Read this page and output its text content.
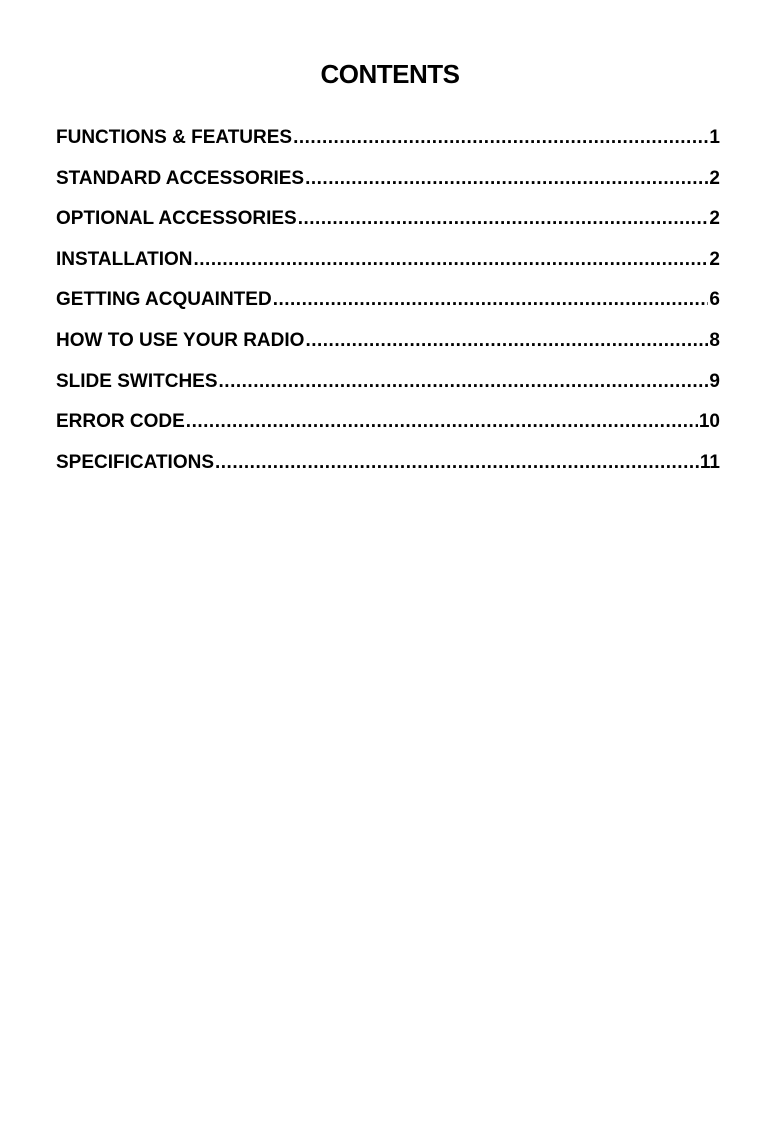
CONTENTS
FUNCTIONS & FEATURES .....	1
STANDARD ACCESSORIES .....	2
OPTIONAL ACCESSORIES .....	2
INSTALLATION .....	2
GETTING ACQUAINTED .....	6
HOW TO USE YOUR RADIO .....	8
SLIDE SWITCHES .....	9
ERROR CODE .....	10
SPECIFICATIONS .....	11
